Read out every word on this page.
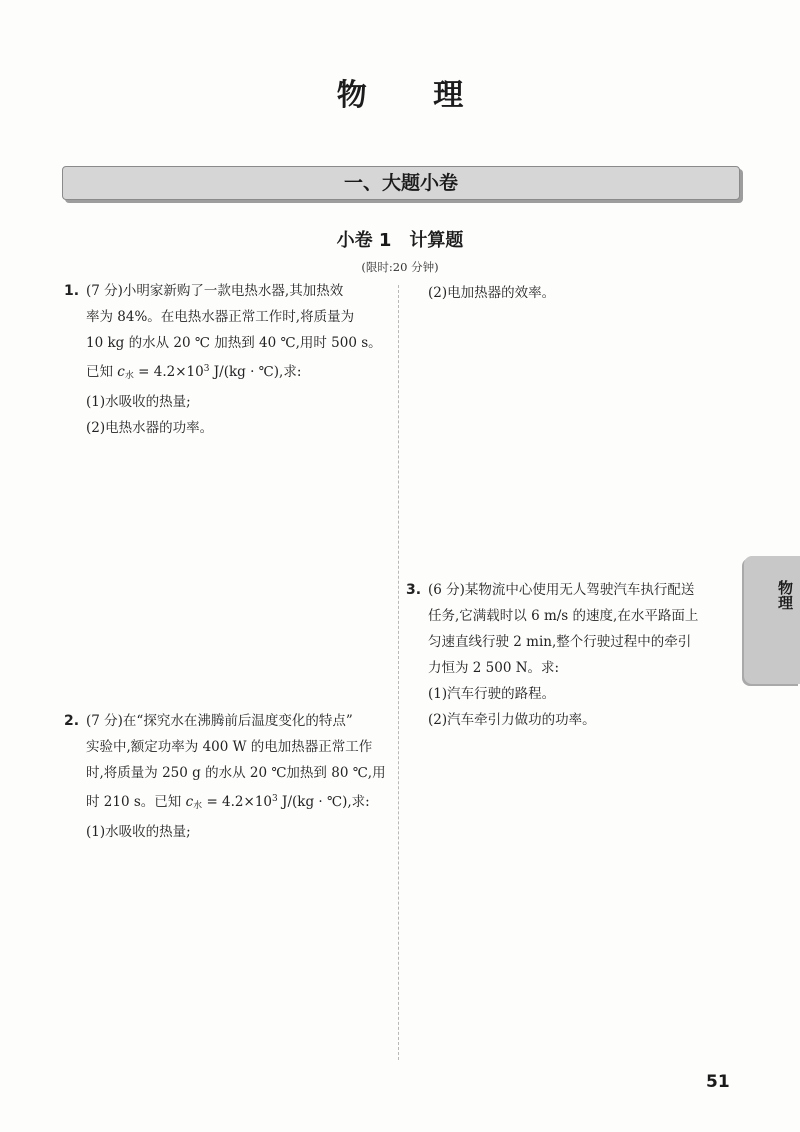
物 理
一、大题小卷
小卷 1 计算题
(限时:20 分钟)
1. (7 分)小明家新购了一款电热水器,其加热效
率为 84%。在电热水器正常工作时,将质量为
10 kg 的水从 20 ℃ 加热到 40 ℃,用时 500 s。
已知 $c_水 = 4.2\times 10^3$ J/(kg · ℃),求:
(1)水吸收的热量;
(2)电热水器的功率。
(2)电加热器的效率。
2. (7 分)在“探究水在沸腾前后温度变化的特点”
实验中,额定功率为 400 W 的电加热器正常工作
时,将质量为 250 g 的水从 20 ℃加热到 80 ℃,用
时 210 s。已知 $c_水 = 4.2\times 10^3$ J/(kg · ℃),求:
(1)水吸收的热量;
3. (6 分)某物流中心使用无人驾驶汽车执行配送
任务,它满载时以 6 m/s 的速度,在水平路面上
匀速直线行驶 2 min,整个行驶过程中的牵引
力恒为 2 500 N。求:
(1)汽车行驶的路程。
(2)汽车牵引力做功的功率。
物理
51
